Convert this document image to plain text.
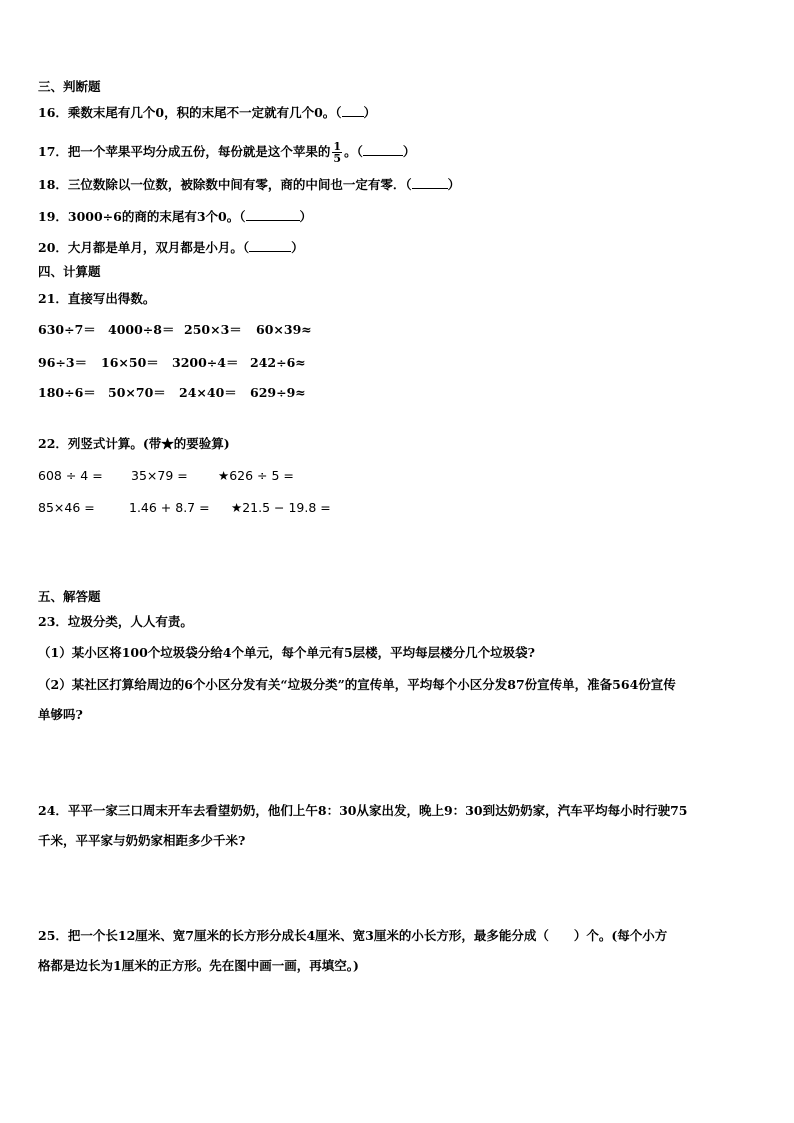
三、判断题
16．乘数末尾有几个0，积的末尾不一定就有几个0。（ ）
17．把一个苹果平均分成五份，每份就是这个苹果的 $\frac{1}{5}$ 。（	）
18．三位数除以一位数，被除数中间有零，商的中间也一定有零．（	）
19．3000÷6的商的末尾有3个0。（	）
20．大月都是单月，双月都是小月。（	）
四、计算题
21．直接写出得数。
630÷7＝ 4000÷8＝ 250×3＝ 60×39≈
96÷3＝ 16×50＝ 3200÷4＝ 242÷6≈
180÷6＝ 50×70＝ 24×40＝ 629÷9≈
22．列竖式计算。(带★的要验算)
608 ÷ 4 = 35×79 = ★626 ÷ 5 =
85×46 =	1.46 + 8.7 = ★21.5 − 19.8 =
五、解答题
23．垃圾分类，人人有责。
（1）某小区将100个垃圾袋分给4个单元，每个单元有5层楼，平均每层楼分几个垃圾袋?
（2）某社区打算给周边的6个小区分发有关“垃圾分类”的宣传单，平均每个小区分发87份宣传单，准备564份宣传
单够吗?
24．平平一家三口周末开车去看望奶奶，他们上午8：30从家出发，晚上9：30到达奶奶家，汽车平均每小时行驶75
千米，平平家与奶奶家相距多少千米?
25．把一个长12厘米、宽7厘米的长方形分成长4厘米、宽3厘米的小长方形，最多能分成（　　）个。(每个小方
格都是边长为1厘米的正方形。先在图中画一画，再填空。)
